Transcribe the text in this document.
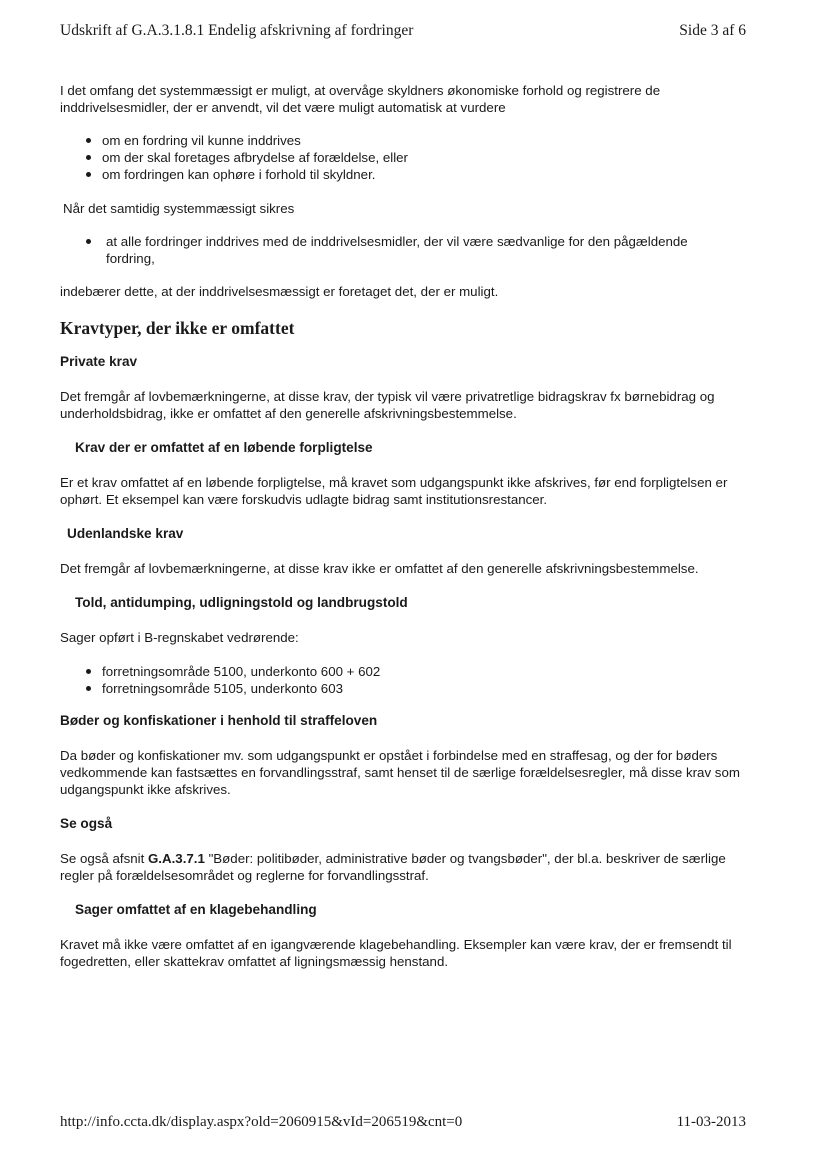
Udskrift af G.A.3.1.8.1 Endelig afskrivning af fordringer	Side 3 af 6

I det omfang det systemmæssigt er muligt, at overvåge skyldners økonomiske forhold og registrere de inddrivelsesmidler, der er anvendt, vil det være muligt automatisk at vurdere

om en fordring vil kunne inddrives
om der skal foretages afbrydelse af forældelse, eller
om fordringen kan ophøre i forhold til skyldner.

Når det samtidig systemmæssigt sikres

at alle fordringer inddrives med de inddrivelsesmidler, der vil være sædvanlige for den pågældende fordring,

indebærer dette, at der inddrivelsesmæssigt er foretaget det, der er muligt.

Kravtyper, der ikke er omfattet
Private krav

Det fremgår af lovbemærkningerne, at disse krav, der typisk vil være privatretlige bidragskrav fx børnebidrag og underholdsbidrag, ikke er omfattet af den generelle afskrivningsbestemmelse.

Krav der er omfattet af en løbende forpligtelse

Er et krav omfattet af en løbende forpligtelse, må kravet som udgangspunkt ikke afskrives, før end forpligtelsen er ophørt. Et eksempel kan være forskudvis udlagte bidrag samt institutionsrestancer.

Udenlandske krav

Det fremgår af lovbemærkningerne, at disse krav ikke er omfattet af den generelle afskrivningsbestemmelse.

Told, antidumping, udligningstold og landbrugstold

Sager opført i B-regnskabet vedrørende:

forretningsområde 5100, underkonto 600 + 602
forretningsområde 5105, underkonto 603
Bøder og konfiskationer i henhold til straffeloven

Da bøder og konfiskationer mv. som udgangspunkt er opstået i forbindelse med en straffesag, og der for bøders vedkommende kan fastsættes en forvandlingsstraf, samt henset til de særlige forældelsesregler, må disse krav som udgangspunkt ikke afskrives.

Se også

Se også afsnit G.A.3.7.1 "Bøder: politibøder, administrative bøder og tvangsbøder", der bl.a. beskriver de særlige regler på forældelsesområdet og reglerne for forvandlingsstraf.

Sager omfattet af en klagebehandling

Kravet må ikke være omfattet af en igangværende klagebehandling. Eksempler kan være krav, der er fremsendt til fogedretten, eller skattekrav omfattet af ligningsmæssig henstand.

http://info.ccta.dk/display.aspx?old=2060915&vId=206519&cnt=0	11-03-2013
